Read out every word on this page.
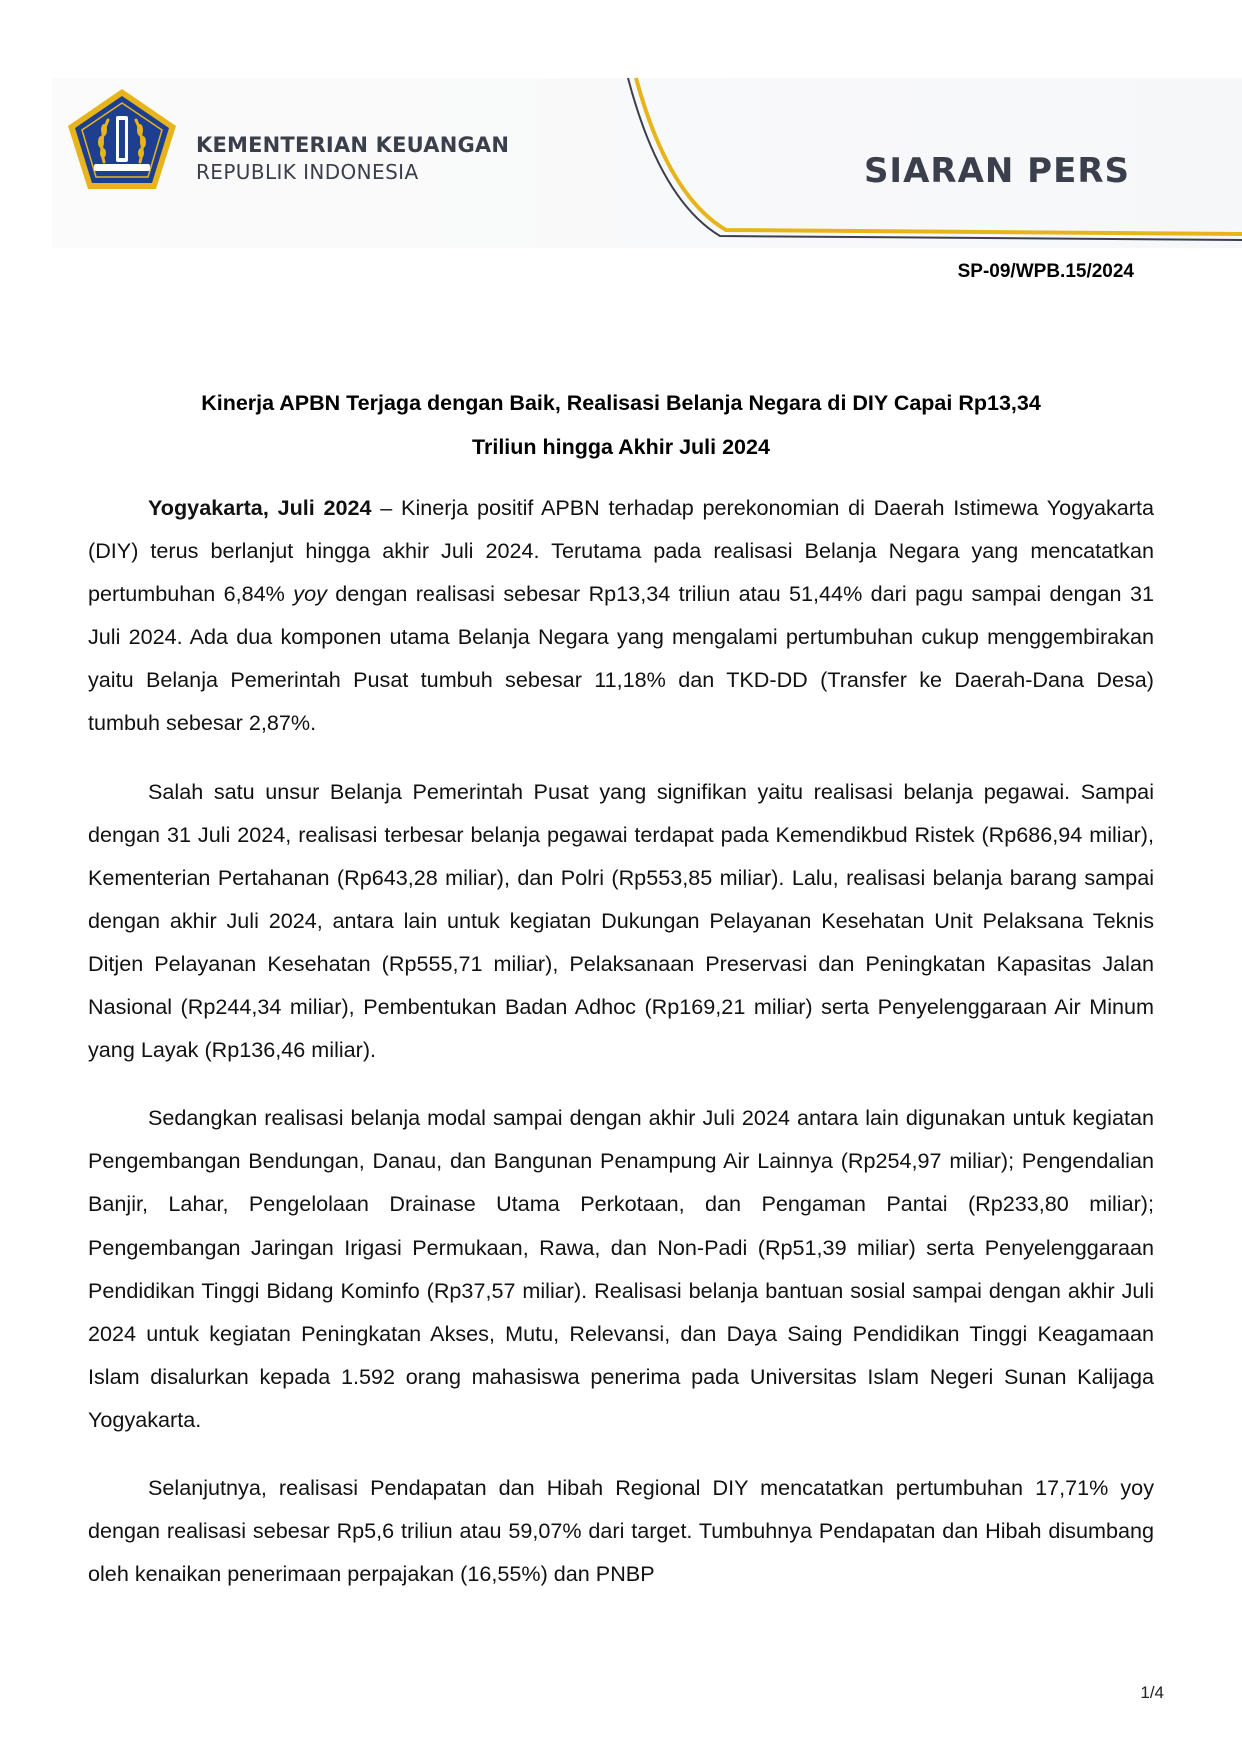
KEMENTERIAN KEUANGAN
REPUBLIK INDONESIA	SIARAN PERS
SP-09/WPB.15/2024
Kinerja APBN Terjaga dengan Baik, Realisasi Belanja Negara di DIY Capai Rp13,34
Triliun hingga Akhir Juli 2024

Yogyakarta, Juli 2024 – Kinerja positif APBN terhadap perekonomian di Daerah Istimewa Yogyakarta (DIY) terus berlanjut hingga akhir Juli 2024. Terutama pada realisasi Belanja Negara yang mencatatkan pertumbuhan 6,84% yoy dengan realisasi sebesar Rp13,34 triliun atau 51,44% dari pagu sampai dengan 31 Juli 2024. Ada dua komponen utama Belanja Negara yang mengalami pertumbuhan cukup menggembirakan yaitu Belanja Pemerintah Pusat tumbuh sebesar 11,18% dan TKD-DD (Transfer ke Daerah-Dana Desa) tumbuh sebesar 2,87%.

Salah satu unsur Belanja Pemerintah Pusat yang signifikan yaitu realisasi belanja pegawai. Sampai dengan 31 Juli 2024, realisasi terbesar belanja pegawai terdapat pada Kemendikbud Ristek (Rp686,94 miliar), Kementerian Pertahanan (Rp643,28 miliar), dan Polri (Rp553,85 miliar). Lalu, realisasi belanja barang sampai dengan akhir Juli 2024, antara lain untuk kegiatan Dukungan Pelayanan Kesehatan Unit Pelaksana Teknis Ditjen Pelayanan Kesehatan (Rp555,71 miliar), Pelaksanaan Preservasi dan Peningkatan Kapasitas Jalan Nasional (Rp244,34 miliar), Pembentukan Badan Adhoc (Rp169,21 miliar) serta Penyelenggaraan Air Minum yang Layak (Rp136,46 miliar).

Sedangkan realisasi belanja modal sampai dengan akhir Juli 2024 antara lain digunakan untuk kegiatan Pengembangan Bendungan, Danau, dan Bangunan Penampung Air Lainnya (Rp254,97 miliar); Pengendalian Banjir, Lahar, Pengelolaan Drainase Utama Perkotaan, dan Pengaman Pantai (Rp233,80 miliar); Pengembangan Jaringan Irigasi Permukaan, Rawa, dan Non-Padi (Rp51,39 miliar) serta Penyelenggaraan Pendidikan Tinggi Bidang Kominfo (Rp37,57 miliar). Realisasi belanja bantuan sosial sampai dengan akhir Juli 2024 untuk kegiatan Peningkatan Akses, Mutu, Relevansi, dan Daya Saing Pendidikan Tinggi Keagamaan Islam disalurkan kepada 1.592 orang mahasiswa penerima pada Universitas Islam Negeri Sunan Kalijaga Yogyakarta.

Selanjutnya, realisasi Pendapatan dan Hibah Regional DIY mencatatkan pertumbuhan 17,71% yoy dengan realisasi sebesar Rp5,6 triliun atau 59,07% dari target. Tumbuhnya Pendapatan dan Hibah disumbang oleh kenaikan penerimaan perpajakan (16,55%) dan PNBP

1/4
